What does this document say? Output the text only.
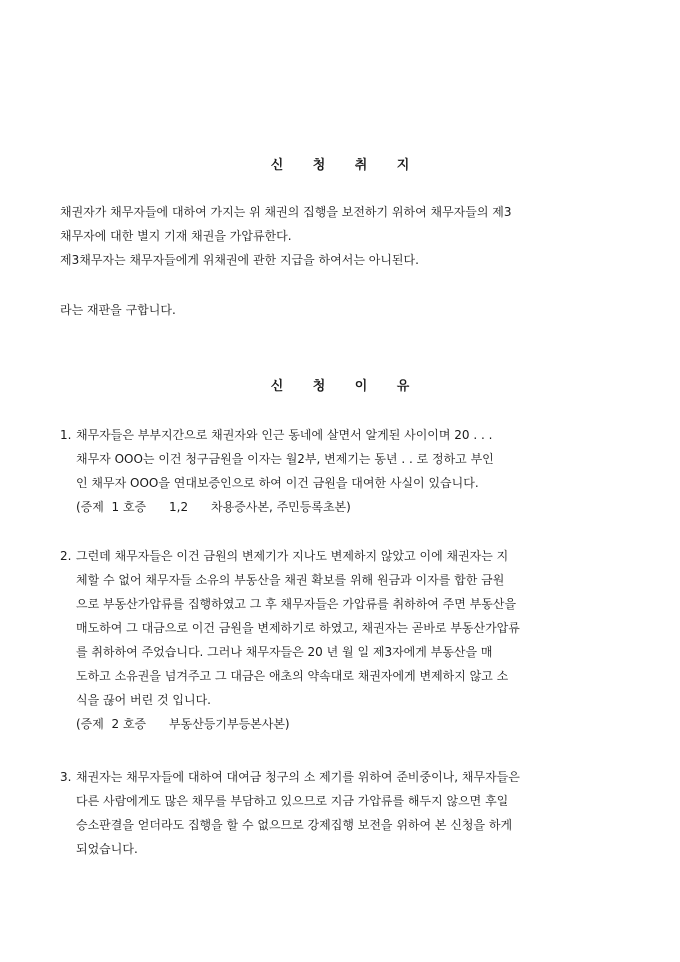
신 청 취 지
채권자가 채무자들에 대하여 가지는 위 채권의 집행을 보전하기 위하여 채무자들의 제3
채무자에 대한 별지 기재 채권을 가압류한다.
제3채무자는 채무자들에게 위채권에 관한 지급을 하여서는 아니된다.
라는 재판을 구합니다.
신 청 이 유
1. 채무자들은 부부지간으로 채권자와 인근 동네에 살면서 알게된 사이이며 20 . . .
채무자 OOO는 이건 청구금원을 이자는 월2부, 변제기는 동년 . . 로 정하고 부인
인 채무자 OOO을 연대보증인으로 하여 이건 금원을 대여한 사실이 있습니다.
(증제  1 호증      1,2      차용증사본, 주민등록초본)
2. 그런데 채무자들은 이건 금원의 변제기가 지나도 변제하지 않았고 이에 채권자는 지
체할 수 없어 채무자들 소유의 부동산을 채권 확보를 위해 원금과 이자를 합한 금원
으로 부동산가압류를 집행하였고 그 후 채무자들은 가압류를 취하하여 주면 부동산을
매도하여 그 대금으로 이건 금원을 변제하기로 하였고, 채권자는 곧바로 부동산가압류
를 취하하여 주었습니다. 그러나 채무자들은 20 년 월 일 제3자에게 부동산을 매
도하고 소유권을 넘겨주고 그 대금은 애초의 약속대로 채권자에게 변제하지 않고 소
식을 끊어 버린 것 입니다.
(증제  2 호증      부동산등기부등본사본)
3. 채권자는 채무자들에 대하여 대여금 청구의 소 제기를 위하여 준비중이나, 채무자들은
다른 사람에게도 많은 채무를 부담하고 있으므로 지금 가압류를 해두지 않으면 후일
승소판결을 얻더라도 집행을 할 수 없으므로 강제집행 보전을 위하여 본 신청을 하게
되었습니다.
